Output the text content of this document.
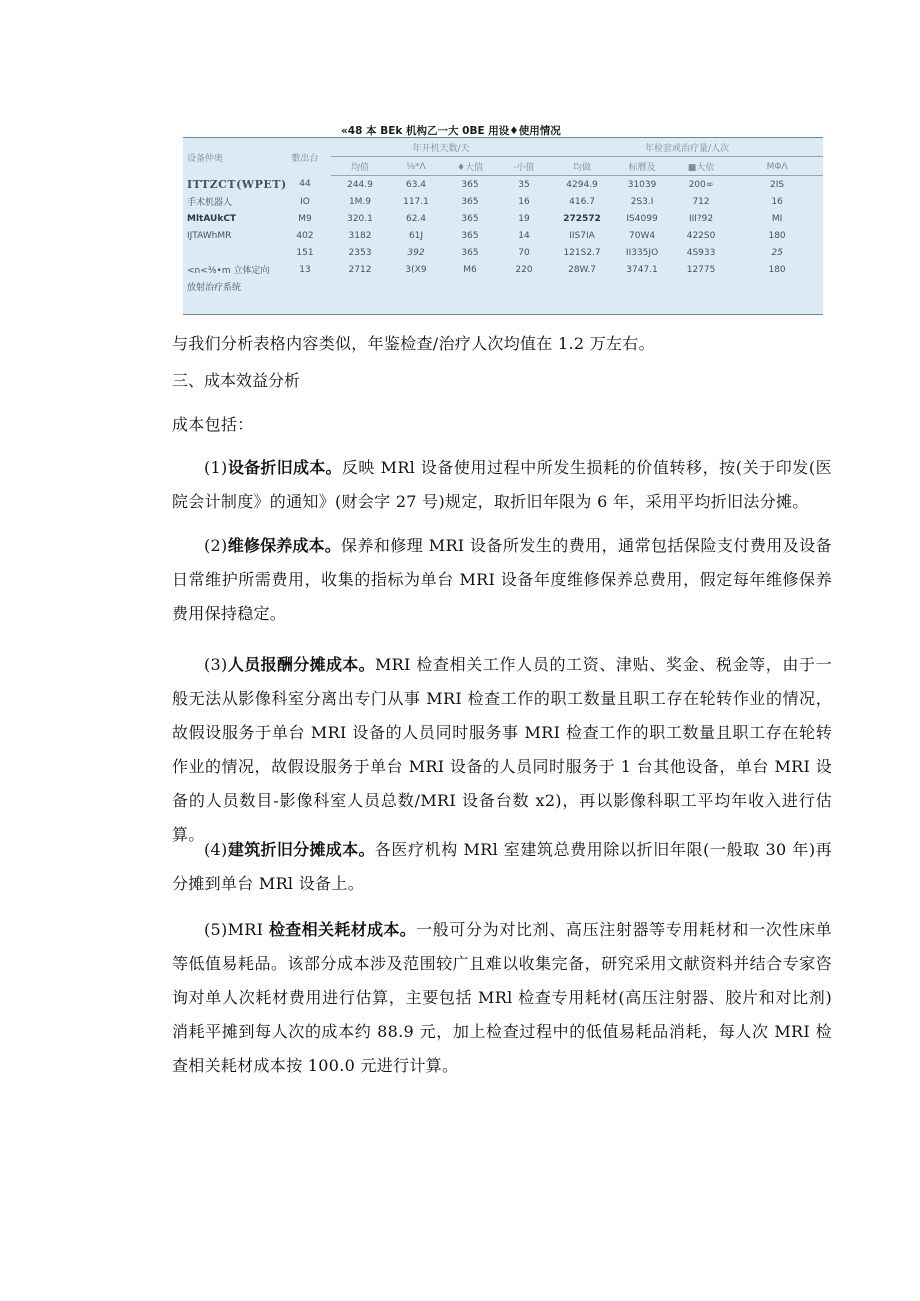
«48 本 BEk 机构乙一大 0BE 用设♦使用情况
设备仲奥	數出台	年开机天数/天				年检套或治疗量/人次			
		均值	⅛*Λ	♦大值	·小值	均做	标曆及	■大依	MΦΛ
ITTZCT(WPET)	44	244.9	63.4	365	35	4294.9	31039	200∞	2IS
手术机器人	IO	1M.9	117.1	365	16	416.7	2S3.I	712	16
MltAUkCT	M9	320.1	62.4	365	19	272572	IS4099	III?92	MI
IJTAWhMR	402	3182	61J	365	14	IIS7IA	70W4	422S0	180
	151	2353	392	365	70	121S2.7	II335JO	4S933	25
<n<⅜•m 立体定向	13	2712	3(X9	M6	220	28W.7	3747.1	12775	180
放射治疗系统									

与我们分析表格内容类似，年鉴检查/治疗人次均值在 1.2 万左右。

三、成本效益分析

成本包括：

(1)设备折旧成本。反映 MRl 设备使用过程中所发生损耗的价值转移，按(关于印发(医院会计制度》的通知》(财会字 27 号)规定，取折旧年限为 6 年，采用平均折旧法分摊。

(2)维修保养成本。保养和修理 MRI 设备所发生的费用，通常包括保险支付费用及设备日常维护所需费用，收集的指标为单台 MRI 设备年度维修保养总费用，假定每年维修保养费用保持稳定。

(3)人员报酬分摊成本。MRI 检查相关工作人员的工资、津贴、奖金、税金等，由于一般无法从影像科室分离出专门从事 MRI 检查工作的职工数量且职工存在轮转作业的情况，故假设服务于单台 MRI 设备的人员同时服务事 MRI 检查工作的职工数量且职工存在轮转作业的情况，故假设服务于单台 MRI 设备的人员同时服务于 1 台其他设备，单台 MRI 设备的人员数目-影像科室人员总数/MRI 设备台数 x2)，再以影像科职工平均年收入进行估算。

(4)建筑折旧分摊成本。各医疗机构 MRl 室建筑总费用除以折旧年限(一般取 30 年)再分摊到单台 MRl 设备上。

(5)MRI 检查相关耗材成本。一般可分为对比剂、高压注射器等专用耗材和一次性床单等低值易耗品。该部分成本涉及范围较广且难以收集完备，研究采用文献资料并结合专家咨询对单人次耗材费用进行估算，主要包括 MRl 检查专用耗材(高压注射器、胶片和对比剂)消耗平摊到每人次的成本约 88.9 元，加上检查过程中的低值易耗品消耗，每人次 MRI 检查相关耗材成本按 100.0 元进行计算。
